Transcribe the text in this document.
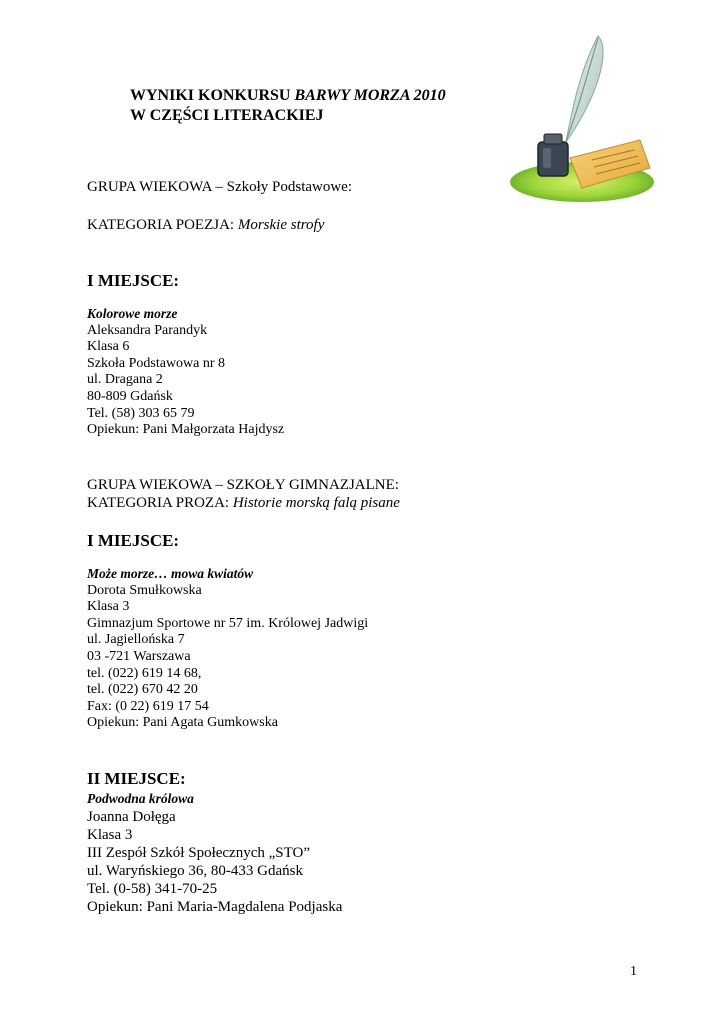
WYNIKI KONKURSU BARWY MORZA 2010
W CZĘŚCI LITERACKIEJ
GRUPA WIEKOWA – Szkoły Podstawowe:
KATEGORIA POEZJA: Morskie strofy
I MIEJSCE:
Kolorowe morze
Aleksandra Parandyk
Klasa 6
Szkoła Podstawowa nr 8
ul. Dragana 2
80-809 Gdańsk
Tel. (58) 303 65 79
Opiekun: Pani Małgorzata Hajdysz
GRUPA WIEKOWA – SZKOŁY GIMNAZJALNE:
KATEGORIA PROZA: Historie morską falą pisane
I MIEJSCE:
Może morze… mowa kwiatów
Dorota Smułkowska
Klasa 3
Gimnazjum Sportowe nr 57 im. Królowej Jadwigi
ul. Jagiellońska 7
03 -721 Warszawa
tel. (022) 619 14 68,
tel. (022) 670 42 20
Fax: (0 22) 619 17 54
Opiekun: Pani Agata Gumkowska
II MIEJSCE:
Podwodna królowa
Joanna Dołęga
Klasa 3
III Zespół Szkół Społecznych „STO”
ul. Waryńskiego 36, 80-433 Gdańsk
Tel. (0-58) 341-70-25
Opiekun: Pani Maria-Magdalena Podjaska
1
